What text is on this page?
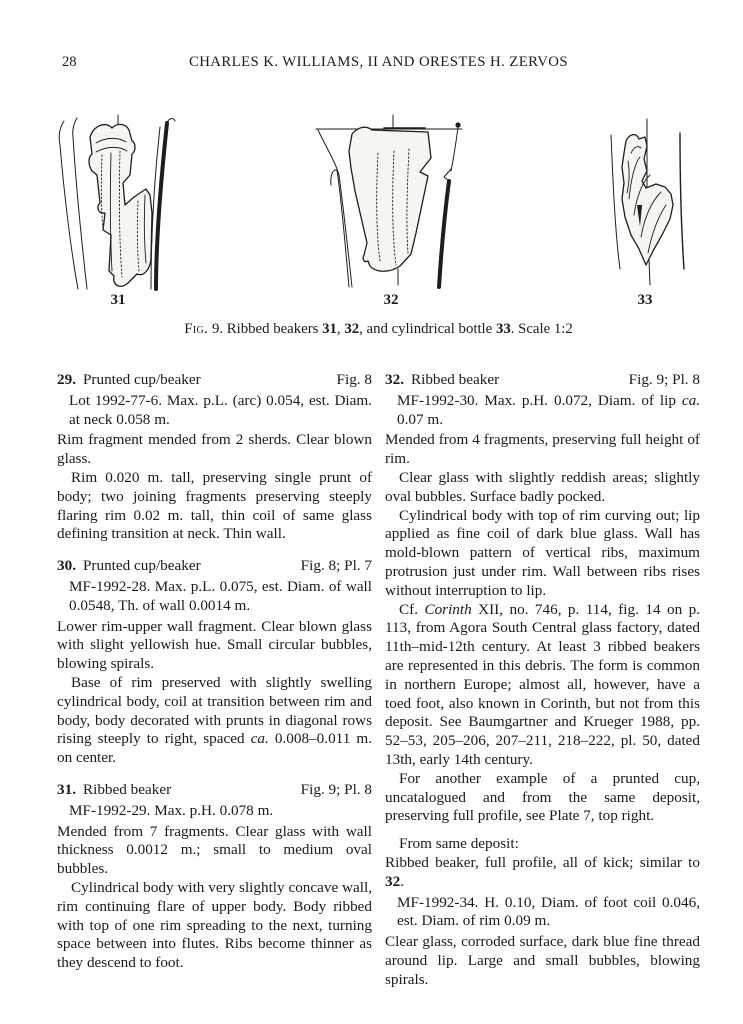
28	CHARLES K. WILLIAMS, II AND ORESTES H. ZERVOS
31	32	33
Fig. 9. Ribbed beakers 31, 32, and cylindrical bottle 33. Scale 1:2
29. Prunted cup/beaker	Fig. 8
Lot 1992-77-6. Max. p.L. (arc) 0.054, est. Diam. at neck 0.058 m.
Rim fragment mended from 2 sherds. Clear blown glass.
Rim 0.020 m. tall, preserving single prunt of body; two joining fragments preserving steeply flaring rim 0.02 m. tall, thin coil of same glass defining transition at neck. Thin wall.
30. Prunted cup/beaker	Fig. 8; Pl. 7
MF-1992-28. Max. p.L. 0.075, est. Diam. of wall 0.0548, Th. of wall 0.0014 m.
Lower rim-upper wall fragment. Clear blown glass with slight yellowish hue. Small circular bubbles, blowing spirals.
Base of rim preserved with slightly swelling cylindrical body, coil at transition between rim and body, body decorated with prunts in diagonal rows rising steeply to right, spaced ca. 0.008–0.011 m. on center.
31. Ribbed beaker	Fig. 9; Pl. 8
MF-1992-29. Max. p.H. 0.078 m.
Mended from 7 fragments. Clear glass with wall thickness 0.0012 m.; small to medium oval bubbles.
Cylindrical body with very slightly concave wall, rim continuing flare of upper body. Body ribbed with top of one rim spreading to the next, turning space between into flutes. Ribs become thinner as they descend to foot.
32. Ribbed beaker	Fig. 9; Pl. 8
MF-1992-30. Max. p.H. 0.072, Diam. of lip ca. 0.07 m.
Mended from 4 fragments, preserving full height of rim.
Clear glass with slightly reddish areas; slightly oval bubbles. Surface badly pocked.
Cylindrical body with top of rim curving out; lip applied as fine coil of dark blue glass. Wall has mold-blown pattern of vertical ribs, maximum protrusion just under rim. Wall between ribs rises without interruption to lip.
Cf. Corinth XII, no. 746, p. 114, fig. 14 on p. 113, from Agora South Central glass factory, dated 11th–mid-12th century. At least 3 ribbed beakers are represented in this debris. The form is common in northern Europe; almost all, however, have a toed foot, also known in Corinth, but not from this deposit. See Baumgartner and Krueger 1988, pp. 52–53, 205–206, 207–211, 218–222, pl. 50, dated 13th, early 14th century.
For another example of a prunted cup, uncatalogued and from the same deposit, preserving full profile, see Plate 7, top right.
From same deposit:
Ribbed beaker, full profile, all of kick; similar to 32.
MF-1992-34. H. 0.10, Diam. of foot coil 0.046, est. Diam. of rim 0.09 m.
Clear glass, corroded surface, dark blue fine thread around lip. Large and small bubbles, blowing spirals.
